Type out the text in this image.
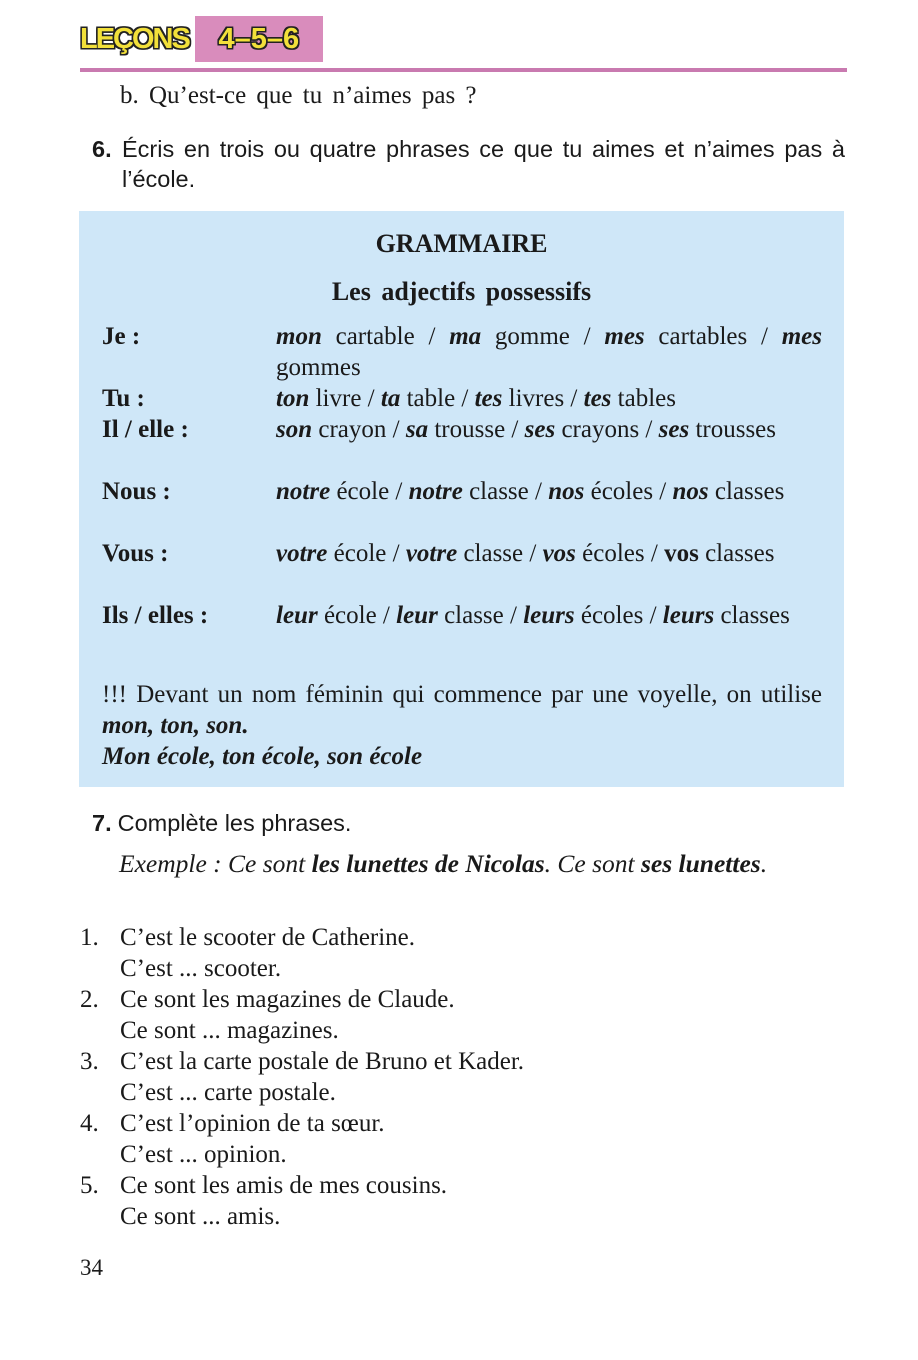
LEÇONS	4–5–6
b. Qu’est-ce que tu n’aimes pas ?
6. Écris en trois ou quatre phrases ce que tu aimes et n’aimes pas à l’école.
GRAMMAIRE
Les adjectifs possessifs
Je :	mon cartable / ma gomme / mes cartables / mes gommes
Tu :	ton livre / ta table / tes livres / tes tables
Il / elle :	son crayon / sa trousse / ses crayons / ses trousses
Nous :	notre école / notre classe / nos écoles / nos classes
Vous :	votre école / votre classe / vos écoles / vos classes
Ils / elles :	leur école / leur classe / leurs écoles / leurs classes
!!! Devant un nom féminin qui commence par une voyelle, on utilise mon, ton, son.
Mon école, ton école, son école
7. Complète les phrases.
Exemple : Ce sont les lunettes de Nicolas. Ce sont ses lunettes.
1. C’est le scooter de Catherine.
C’est ... scooter.
2. Ce sont les magazines de Claude.
Ce sont ... magazines.
3. C’est la carte postale de Bruno et Kader.
C’est ... carte postale.
4. C’est l’opinion de ta sœur.
C’est ... opinion.
5. Ce sont les amis de mes cousins.
Ce sont ... amis.
34
